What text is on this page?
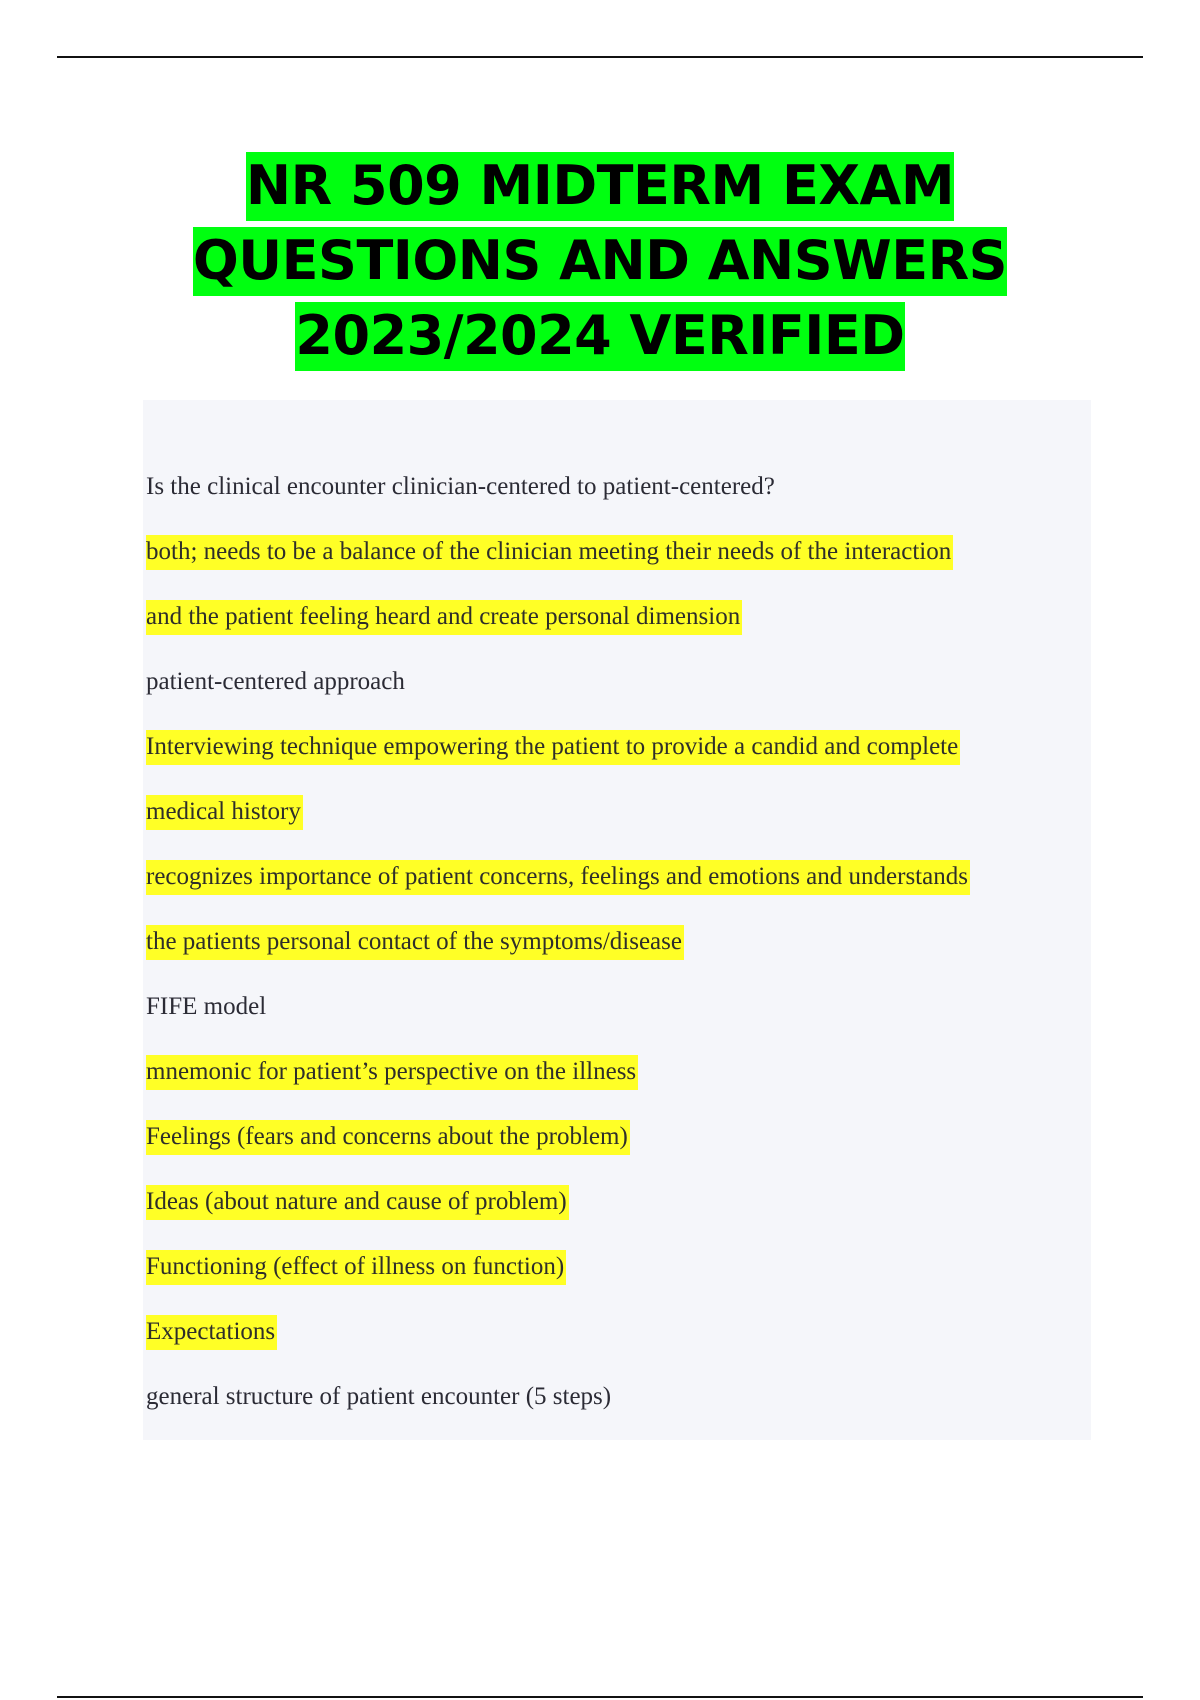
NR 509 MIDTERM EXAM
QUESTIONS AND ANSWERS
2023/2024 VERIFIED
Is the clinical encounter clinician-centered to patient-centered?
both; needs to be a balance of the clinician meeting their needs of the interaction
and the patient feeling heard and create personal dimension
patient-centered approach
Interviewing technique empowering the patient to provide a candid and complete
medical history
recognizes importance of patient concerns, feelings and emotions and understands
the patients personal contact of the symptoms/disease
FIFE model
mnemonic for patient’s perspective on the illness
Feelings (fears and concerns about the problem)
Ideas (about nature and cause of problem)
Functioning (effect of illness on function)
Expectations
general structure of patient encounter (5 steps)
